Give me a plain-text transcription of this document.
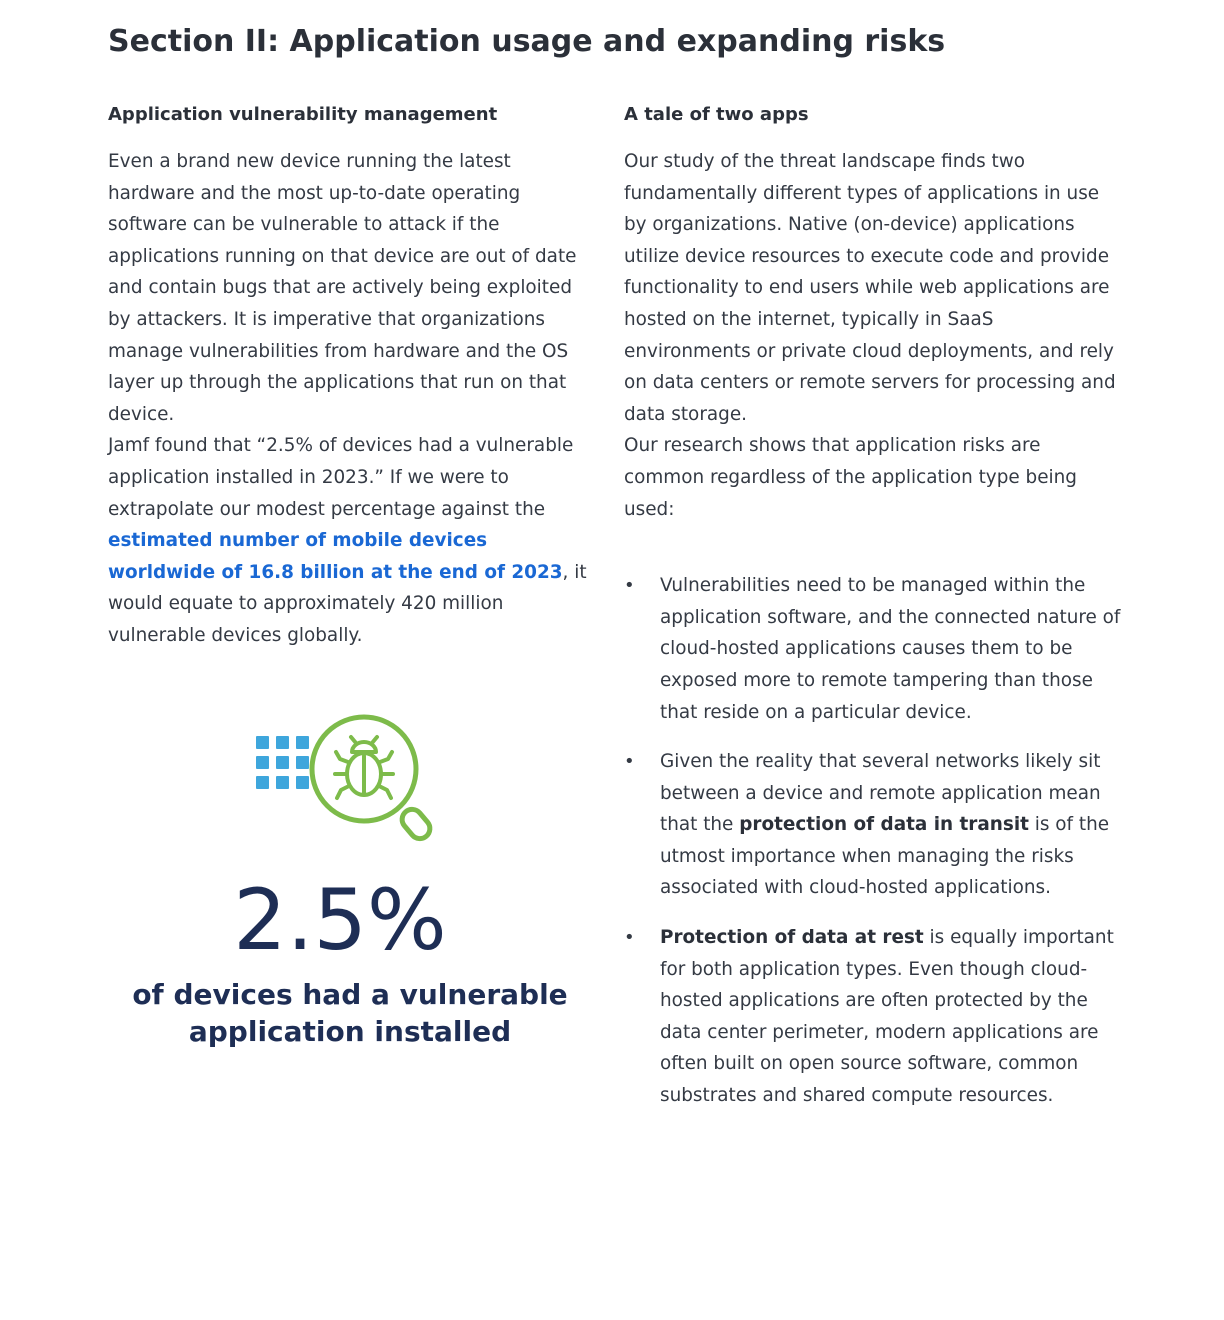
Section II: Application usage and expanding risks
Application vulnerability management

Even a brand new device running the latest hardware and the most up-to-date operating software can be vulnerable to attack if the applications running on that device are out of date and contain bugs that are actively being exploited by attackers. It is imperative that organizations manage vulnerabilities from hardware and the OS layer up through the applications that run on that device.

Jamf found that “2.5% of devices had a vulnerable application installed in 2023.” If we were to extrapolate our modest percentage against the estimated number of mobile devices worldwide of 16.8 billion at the end of 2023, it would equate to approximately 420 million vulnerable devices globally.

2.5%
of devices had a vulnerable
application installed
A tale of two apps

Our study of the threat landscape finds two fundamentally different types of applications in use by organizations. Native (on-device) applications utilize device resources to execute code and provide functionality to end users while web applications are hosted on the internet, typically in SaaS environments or private cloud deployments, and rely on data centers or remote servers for processing and data storage.

Our research shows that application risks are common regardless of the application type being used:

• Vulnerabilities need to be managed within the application software, and the connected nature of cloud-hosted applications causes them to be exposed more to remote tampering than those that reside on a particular device.
• Given the reality that several networks likely sit between a device and remote application mean that the protection of data in transit is of the utmost importance when managing the risks associated with cloud-hosted applications.
• Protection of data at rest is equally important for both application types. Even though cloud-hosted applications are often protected by the data center perimeter, modern applications are often built on open source software, common substrates and shared compute resources.
